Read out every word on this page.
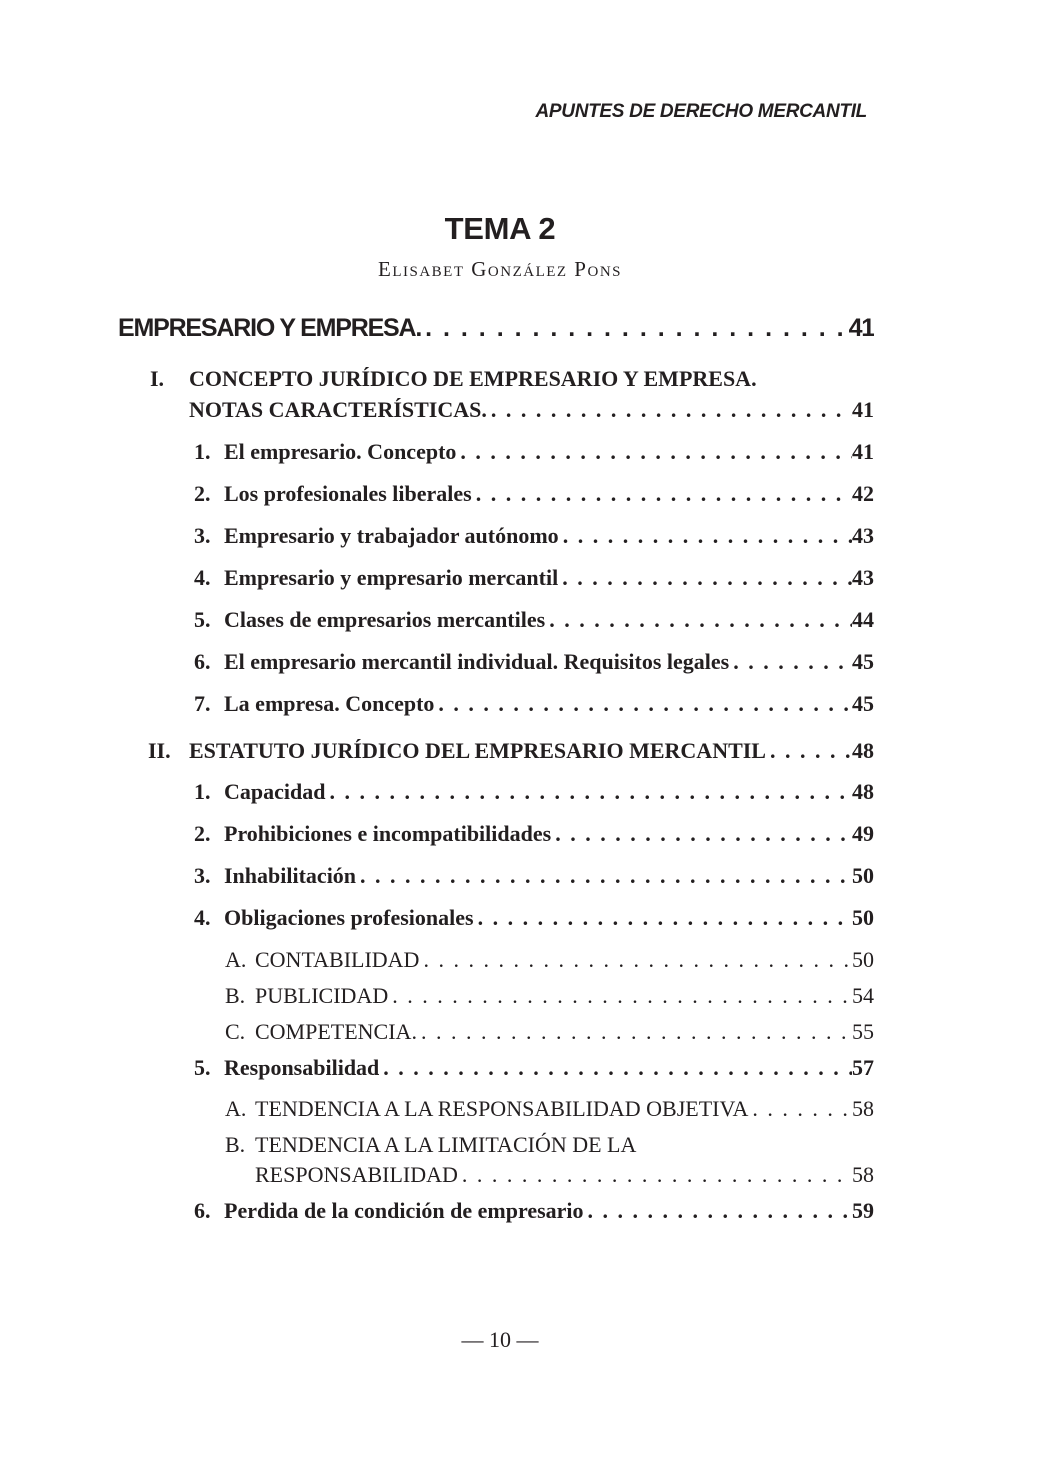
APUNTES DE DERECHO MERCANTIL
TEMA 2
Elisabet González Pons
EMPRESARIO Y EMPRESA. . . .	41
I. CONCEPTO JURÍDICO DE EMPRESARIO Y EMPRESA.
NOTAS CARACTERÍSTICAS. . . .	41
1. El empresario. Concepto . . .	41
2. Los profesionales liberales . . .	42
3. Empresario y trabajador autónomo . . .	43
4. Empresario y empresario mercantil . . .	43
5. Clases de empresarios mercantiles . . .	44
6. El empresario mercantil individual. Requisitos legales . . .	45
7. La empresa. Concepto . . .	45
II. ESTATUTO JURÍDICO DEL EMPRESARIO MERCANTIL . . .	48
1. Capacidad . . .	48
2. Prohibiciones e incompatibilidades . . .	49
3. Inhabilitación . . .	50
4. Obligaciones profesionales . . .	50
A. CONTABILIDAD . . .	50
B. PUBLICIDAD . . .	54
C. COMPETENCIA. . . .	55
5. Responsabilidad . . .	57
A. TENDENCIA A LA RESPONSABILIDAD OBJETIVA . . .	58
B. TENDENCIA A LA LIMITACIÓN DE LA
RESPONSABILIDAD . . .	58
6. Perdida de la condición de empresario . . .	59
— 10 —
